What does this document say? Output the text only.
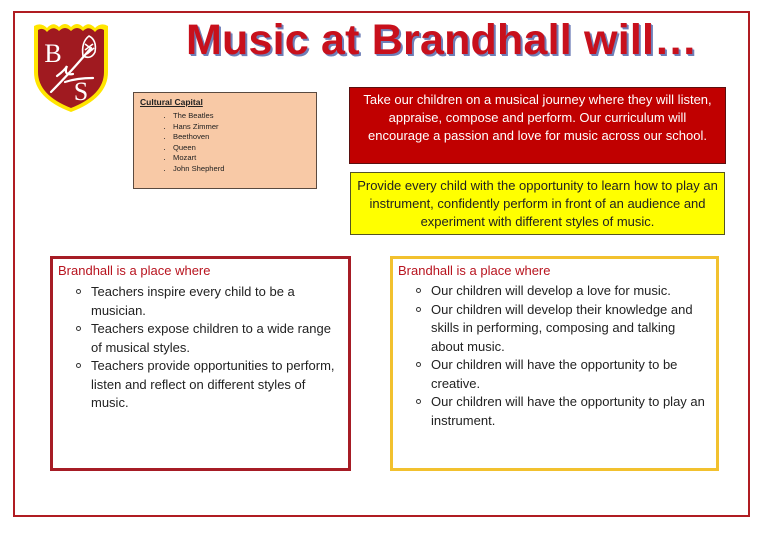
B
S
Music at Brandhall will…
Cultural Capital
• The Beatles
• Hans Zimmer
• Beethoven
• Queen
• Mozart
• John Shepherd
Take our children on a musical journey where they will listen, appraise, compose and perform. Our curriculum will encourage a passion and love for music across our school.
Provide every child with the opportunity to learn how to play an instrument, confidently perform in front of an audience and experiment with different styles of music.
Brandhall is a place where
Teachers inspire every child to be a musician.
Teachers expose children to a wide range of musical styles.
Teachers provide opportunities to perform, listen and reflect on different styles of music.
Brandhall is a place where
Our children will develop a love for music.
Our children will develop their knowledge and skills in performing, composing and talking about music.
Our children will have the opportunity to be creative.
Our children will have the opportunity to play an instrument.
